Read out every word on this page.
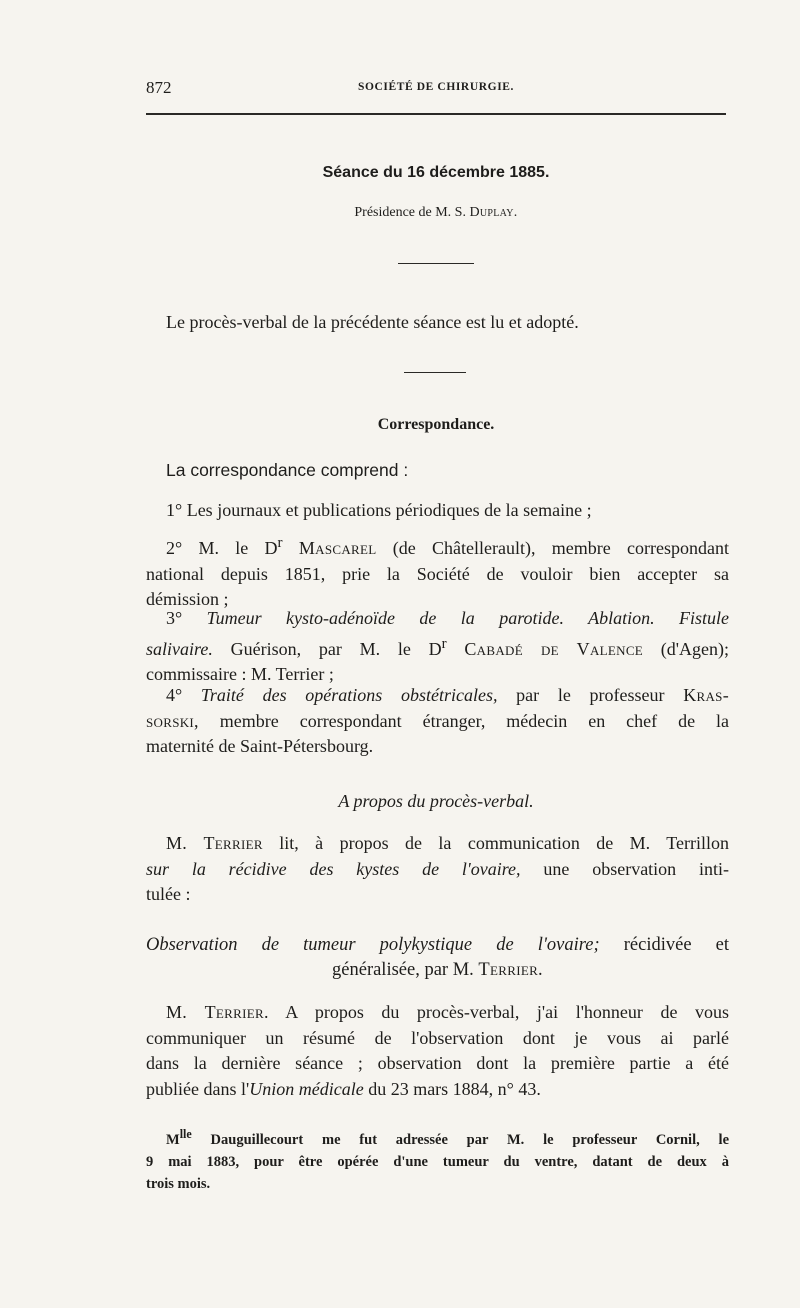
872	SOCIÉTÉ DE CHIRURGIE.
Séance du 16 décembre 1885.
Présidence de M. S. Duplay.
Le procès-verbal de la précédente séance est lu et adopté.
Correspondance.
La correspondance comprend :
1° Les journaux et publications périodiques de la semaine ;
2° M. le $D^r$ Mascarel (de Châtellerault), membre correspondant
national depuis 1851, prie la Société de vouloir bien accepter sa
démission ;
3° Tumeur kysto-adénoïde de la parotide. Ablation. Fistule
salivaire. Guérison, par M. le $D^r$ Cabadé de Valence (d'Agen);
commissaire : M. Terrier ;
4° Traité des opérations obstétricales, par le professeur Kras-
sorski, membre correspondant étranger, médecin en chef de la
maternité de Saint-Pétersbourg.
A propos du procès-verbal.
M. Terrier lit, à propos de la communication de M. Terrillon
sur la récidive des kystes de l'ovaire, une observation inti-
tulée :
Observation de tumeur polykystique de l'ovaire; récidivée et
généralisée, par M. Terrier.
M. Terrier. A propos du procès-verbal, j'ai l'honneur de vous
communiquer un résumé de l'observation dont je vous ai parlé
dans la dernière séance ; observation dont la première partie a été
publiée dans l'Union médicale du 23 mars 1884, n° 43.
$M^{lle}$ Dauguillecourt me fut adressée par M. le professeur Cornil, le
9 mai 1883, pour être opérée d'une tumeur du ventre, datant de deux à
trois mois.
